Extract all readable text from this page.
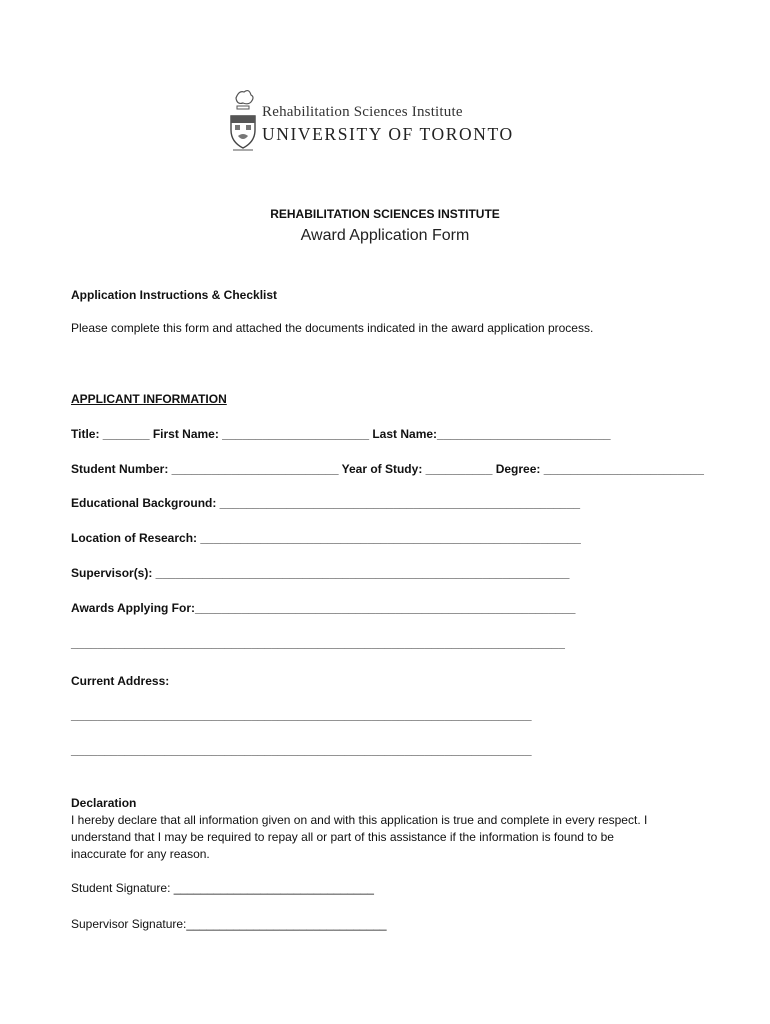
Rehabilitation Sciences Institute
UNIVERSITY OF TORONTO
REHABILITATION SCIENCES INSTITUTE
Award Application Form
Application Instructions & Checklist
Please complete this form and attached the documents indicated in the award application process.
APPLICANT INFORMATION
Title: _______ First Name: ______________________ Last Name:__________________________
Student Number: _________________________ Year of Study: __________ Degree: ________________________
Educational Background: ______________________________________________________
Location of Research: _________________________________________________________
Supervisor(s): ______________________________________________________________
Awards Applying For:_________________________________________________________
__________________________________________________________________________
Current Address:
_____________________________________________________________________
_____________________________________________________________________
Declaration
I hereby declare that all information given on and with this application is true and complete in every respect. I
understand that I may be required to repay all or part of this assistance if the information is found to be
inaccurate for any reason.
Student Signature: ______________________________
Supervisor Signature:______________________________
